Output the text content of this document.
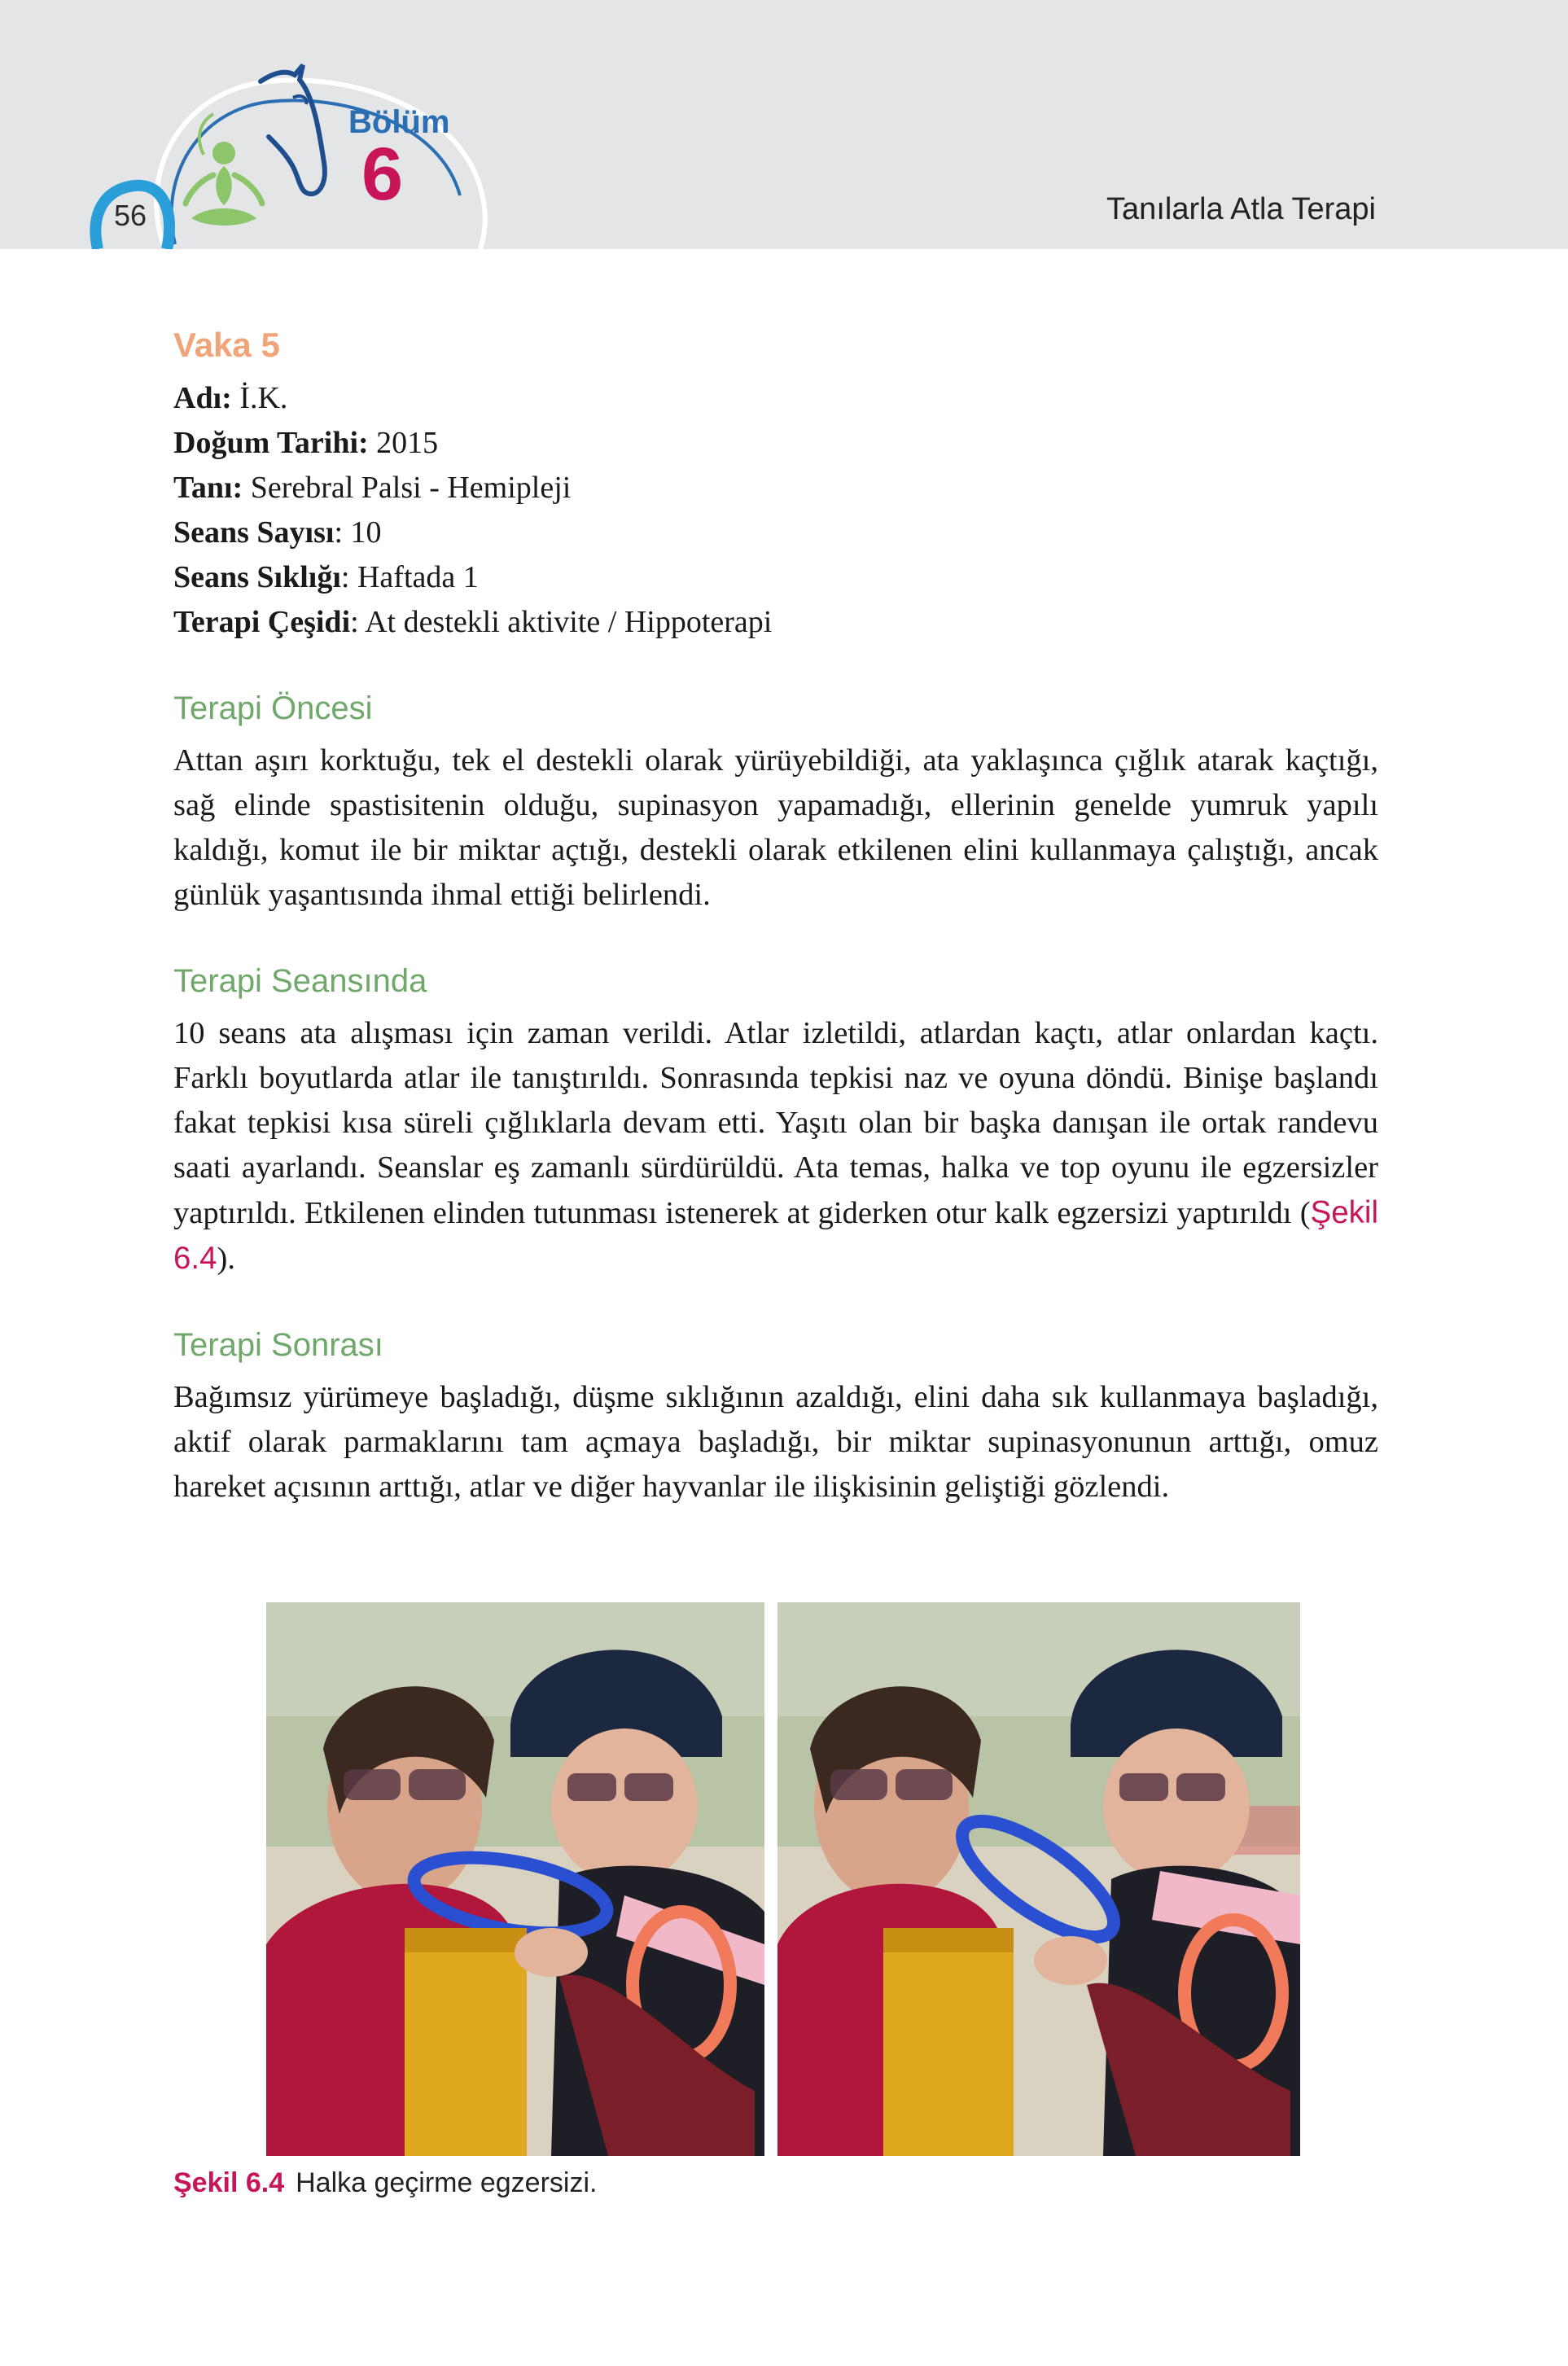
Bölüm
6
56	Tanılarla Atla Terapi
Vaka 5

Adı: İ.K.

Doğum Tarihi: 2015

Tanı: Serebral Palsi - Hemipleji

Seans Sayısı: 10

Seans Sıklığı: Haftada 1

Terapi Çeşidi: At destekli aktivite / Hippoterapi

Terapi Öncesi

Attan aşırı korktuğu, tek el destekli olarak yürüyebildiği, ata yaklaşınca çığlık atarak kaçtığı, sağ elinde spastisitenin olduğu, supinasyon yapamadığı, ellerinin genelde yumruk yapılı kaldığı, komut ile bir miktar açtığı, destekli olarak etkilenen elini kullanmaya çalıştığı, ancak günlük yaşantısında ihmal ettiği belirlendi.

Terapi Seansında

10 seans ata alışması için zaman verildi. Atlar izletildi, atlardan kaçtı, atlar onlardan kaçtı. Farklı boyutlarda atlar ile tanıştırıldı. Sonrasında tepkisi naz ve oyuna döndü. Binişe başlandı fakat tepkisi kısa süreli çığlıklarla devam etti. Yaşıtı olan bir başka danışan ile ortak randevu saati ayarlandı. Seanslar eş zamanlı sürdürüldü. Ata temas, halka ve top oyunu ile egzersizler yaptırıldı. Etkilenen elinden tutunması istenerek at giderken otur kalk egzersizi yaptırıldı (Şekil 6.4).

Terapi Sonrası

Bağımsız yürümeye başladığı, düşme sıklığının azaldığı, elini daha sık kullanmaya başladığı, aktif olarak parmaklarını tam açmaya başladığı, bir miktar supinasyonunun arttığı, omuz hareket açısının arttığı, atlar ve diğer hayvanlar ile ilişkisinin geliştiği gözlendi.

Şekil 6.4 Halka geçirme egzersizi.
